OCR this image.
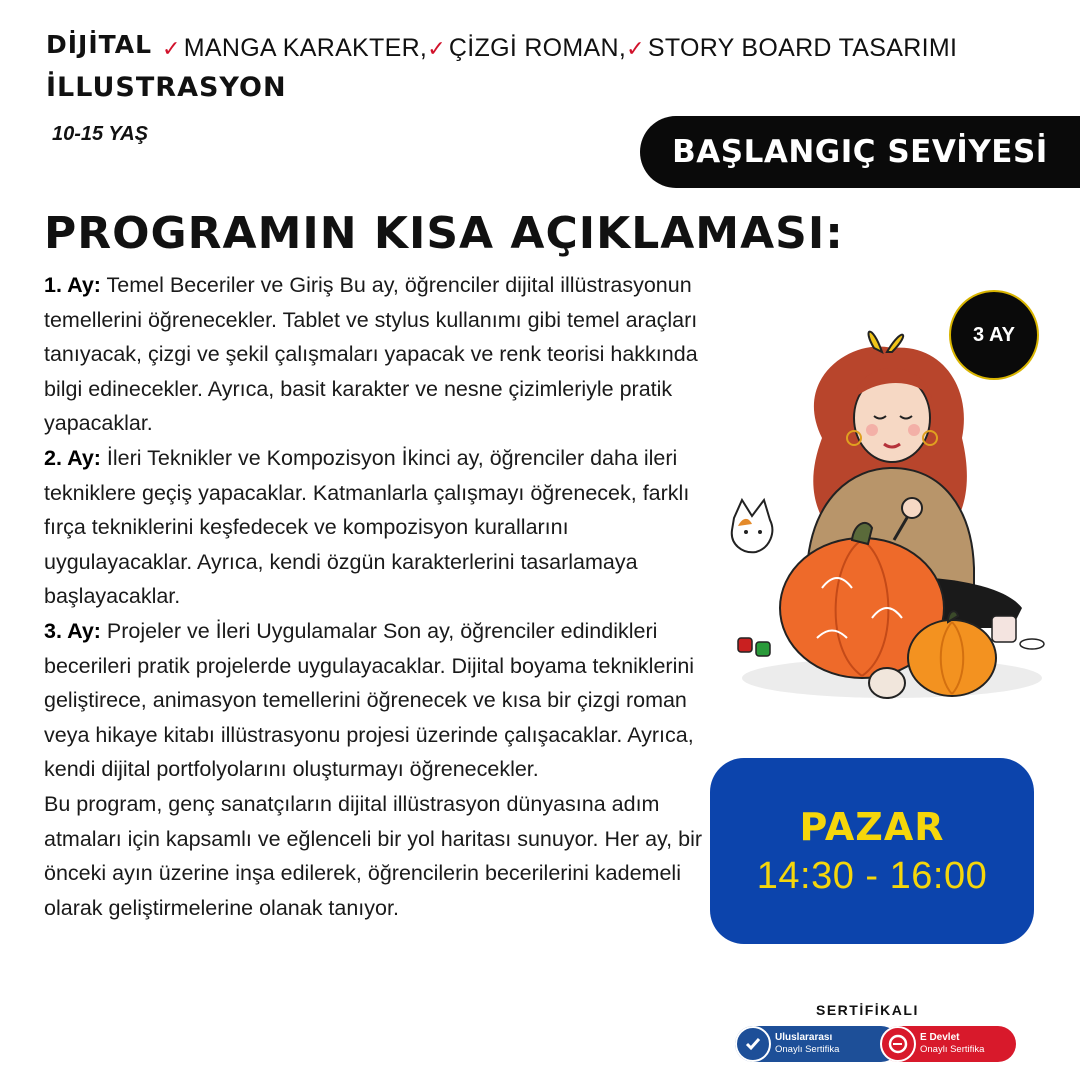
DİJİTAL
İLLUSTRASYON
✓ MANGA KARAKTER, ✓ ÇİZGİ ROMAN, ✓ STORY BOARD TASARIMI
10-15 YAŞ	BAŞLANGIÇ SEVİYESİ
PROGRAMIN KISA AÇIKLAMASI:

1. Ay: Temel Beceriler ve Giriş Bu ay, öğrenciler dijital illüstrasyonun temellerini öğrenecekler. Tablet ve stylus kullanımı gibi temel araçları tanıyacak, çizgi ve şekil çalışmaları yapacak ve renk teorisi hakkında bilgi edinecekler. Ayrıca, basit karakter ve nesne çizimleriyle pratik yapacaklar.

2. Ay: İleri Teknikler ve Kompozisyon İkinci ay, öğrenciler daha ileri tekniklere geçiş yapacaklar. Katmanlarla çalışmayı öğrenecek, farklı fırça tekniklerini keşfedecek ve kompozisyon kurallarını uygulayacaklar. Ayrıca, kendi özgün karakterlerini tasarlamaya başlayacaklar.

3. Ay: Projeler ve İleri Uygulamalar Son ay, öğrenciler edindikleri becerileri pratik projelerde uygulayacaklar. Dijital boyama tekniklerini geliştirece, animasyon temellerini öğrenecek ve kısa bir çizgi roman veya hikaye kitabı illüstrasyonu projesi üzerinde çalışacaklar. Ayrıca, kendi dijital portfolyolarını oluşturmayı öğrenecekler.

Bu program, genç sanatçıların dijital illüstrasyon dünyasına adım atmaları için kapsamlı ve eğlenceli bir yol haritası sunuyor. Her ay, bir önceki ayın üzerine inşa edilerek, öğrencilerin becerilerini kademeli olarak geliştirmelerine olanak tanıyor.

3 AY
PAZAR
14:30 - 16:00
SERTİFİKALI
Uluslararası
Onaylı Sertifika
E Devlet
Onaylı Sertifika
